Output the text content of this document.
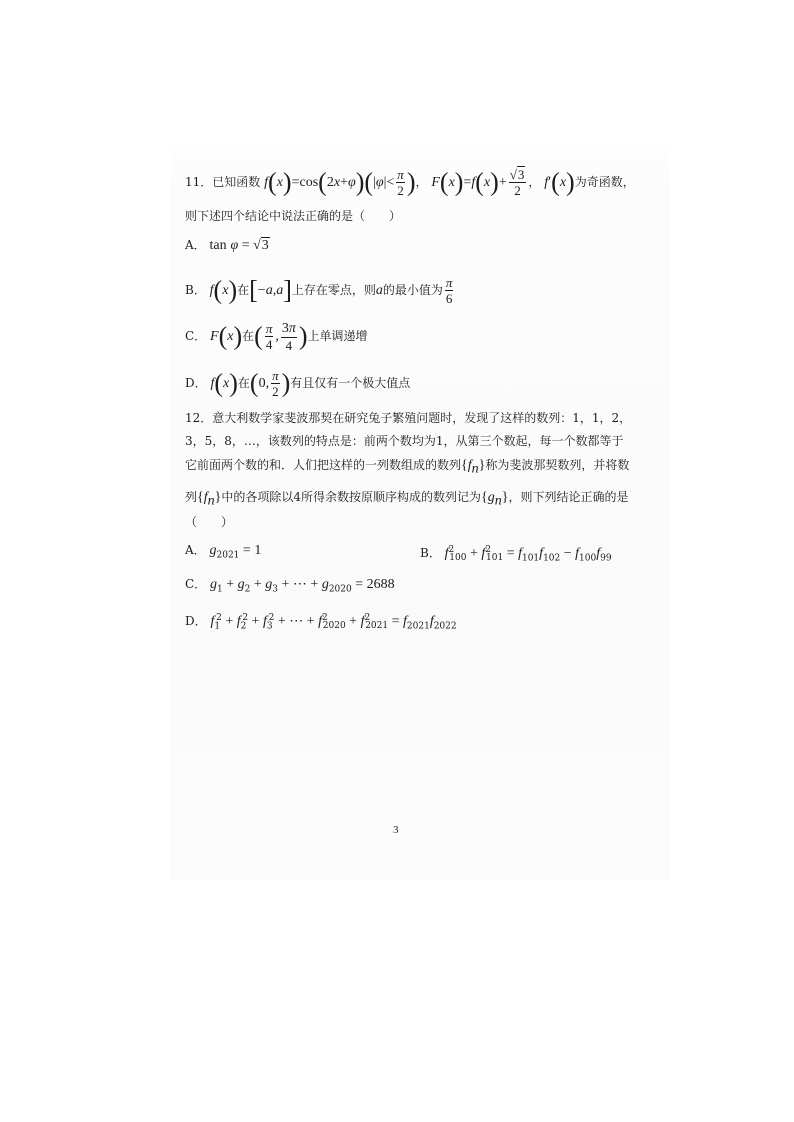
11．已知函数 $f(x)=\cos(2x+\varphi)(|\varphi|< \frac{\pi}{2}$ )， $F(x)=f(x)+ \frac{√3}{2}$ ， f′(x)为奇函数，
则下述四个结论中说法正确的是（　　）
A． tan φ = √3
B． f(x)在[−a,a]上存在零点，则a的最小值为 $\frac{\pi}{6}$
C． F(x)在( $\frac{\pi}{4}$ , $\frac{3\pi}{4}$ )上单调递增
D． f(x)在(0, $\frac{\pi}{2}$ )有且仅有一个极大值点
12．意大利数学家斐波那契在研究兔子繁殖问题时，发现了这样的数列：1，1，2，
3，5，8，…，该数列的特点是：前两个数均为1，从第三个数起，每一个数都等于
它前面两个数的和．人们把这样的一列数组成的数列$\{f_n\}$称为斐波那契数列，并将数
列$\{f_n\}$中的各项除以4所得余数按原顺序构成的数列记为$\{g_n\}$，则下列结论正确的是
（　　）
A． $g_{2021} = 1$	B． $f^2_{100} + f^2_{101} = f_{101}f_{102} - f_{100}f_{99}$
C． $g_1 + g_2 + g_3$ + ⋯ + $g_{2020} = 2688$
D． $f_1^2 + f_2^2 + f_3^2$ + ⋯ + $f^2_{2020} + f^2_{2021} = f_{2021}f_{2022}$
3
